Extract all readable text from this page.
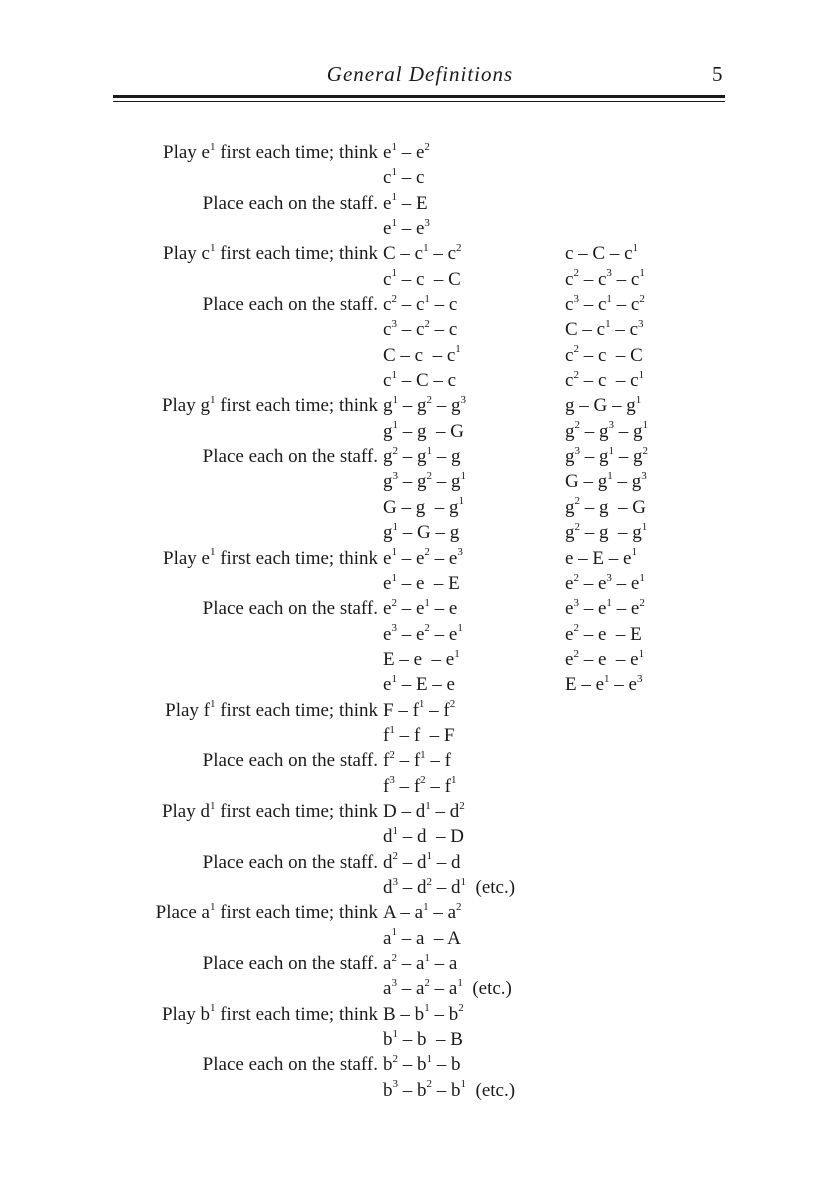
General Definitions	5
Play $e^1$ first each time; think $e^1 - e^2$
$c^1$ – c
Place each on the staff. $e^1$ – E
$e^1 - e^3$
Play $c^1$ first each time; think C – $c^1 - c^2$	c – C – $c^1$
$c^1$ – c  – C	$c^2 - c^3 - c^1$
Place each on the staff. $c^2 - c^1$ – c	$c^3 - c^1 - c^2$
$c^3 - c^2$ – c	C – $c^1 - c^3$
C – c  – $c^1$	$c^2$ – c  – C
$c^1$ – C – c	$c^2$ – c  – $c^1$
Play $g^1$ first each time; think $g^1 - g^2 - g^3$	g – G – $g^1$
$g^1$ – g  – G	$g^2 - g^3 - g^1$
Place each on the staff. $g^2 - g^1$ – g	$g^3 - g^1 - g^2$
$g^3 - g^2 - g^1$	G – $g^1 - g^3$
G – g  – $g^1$	$g^2$ – g  – G
$g^1$ – G – g	$g^2$ – g  – $g^1$
Play $e^1$ first each time; think $e^1 - e^2 - e^3$	e – E – $e^1$
$e^1$ – e  – E	$e^2 - e^3 - e^1$
Place each on the staff. $e^2 - e^1$ – e	$e^3 - e^1 - e^2$
$e^3 - e^2 - e^1$	$e^2$ – e  – E
E – e  – $e^1$	$e^2$ – e  – $e^1$
$e^1$ – E – e	E – $e^1 - e^3$
Play $f^1$ first each time; think F – $f^1 - f^2$
$f^1$ – f  – F
Place each on the staff. $f^2 - f^1$ – f
$f^3 - f^2 - f^1$
Play $d^1$ first each time; think D – $d^1 - d^2$
$d^1$ – d  – D
Place each on the staff. $d^2 - d^1$ – d
$d^3 - d^2 - d^1$  (etc.)
Place $a^1$ first each time; think A – $a^1 - a^2$
$a^1$ – a  – A
Place each on the staff. $a^2 - a^1$ – a
$a^3 - a^2 - a^1$  (etc.)
Play $b^1$ first each time; think B – $b^1 - b^2$
$b^1$ – b  – B
Place each on the staff. $b^2 - b^1$ – b
$b^3 - b^2 - b^1$  (etc.)
